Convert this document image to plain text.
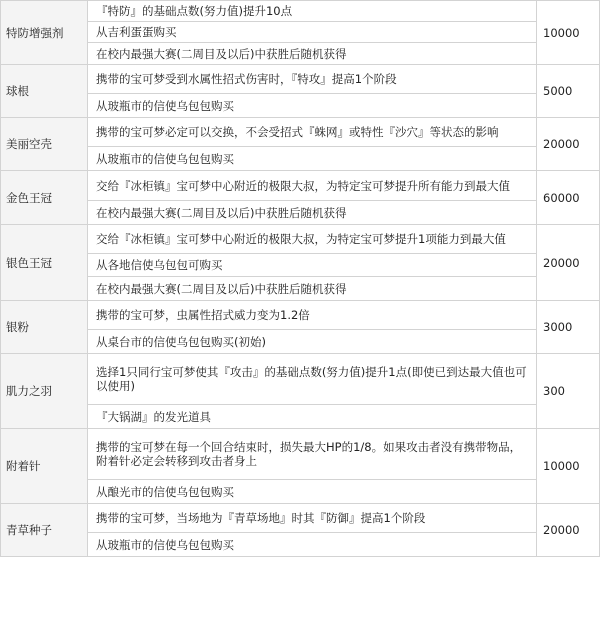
特防增强剂	『特防』的基础点数(努力值)提升10点
从吉利蛋蛋购买
在校内最强大赛(二周目及以后)中获胜后随机获得	10000
球根	携带的宝可梦受到水属性招式伤害时，『特攻』提高1个阶段
从玻瓶市的信使乌包包购买	5000
美丽空壳	携带的宝可梦必定可以交换，不会受招式『蛛网』或特性『沙穴』等状态的影响
从玻瓶市的信使乌包包购买	20000
金色王冠	交给『冰柜镇』宝可梦中心附近的极限大叔，为特定宝可梦提升所有能力到最大值
在校内最强大赛(二周目及以后)中获胜后随机获得	60000
银色王冠	交给『冰柜镇』宝可梦中心附近的极限大叔，为特定宝可梦提升1项能力到最大值
从各地信使乌包包可购买
在校内最强大赛(二周目及以后)中获胜后随机获得	20000
银粉	携带的宝可梦，虫属性招式威力变为1.2倍
从桌台市的信使乌包包购买(初始)	3000
肌力之羽	选择1只同行宝可梦使其『攻击』的基础点数(努力值)提升1点(即使已到达最大值也可以使用)
『大锅湖』的发光道具	300
附着针	携带的宝可梦在每一个回合结束时，损失最大HP的1/8。如果攻击者没有携带物品，附着针必定会转移到攻击者身上
从酿光市的信使乌包包购买	10000
青草种子	携带的宝可梦，当场地为『青草场地』时其『防御』提高1个阶段
从玻瓶市的信使乌包包购买	20000
